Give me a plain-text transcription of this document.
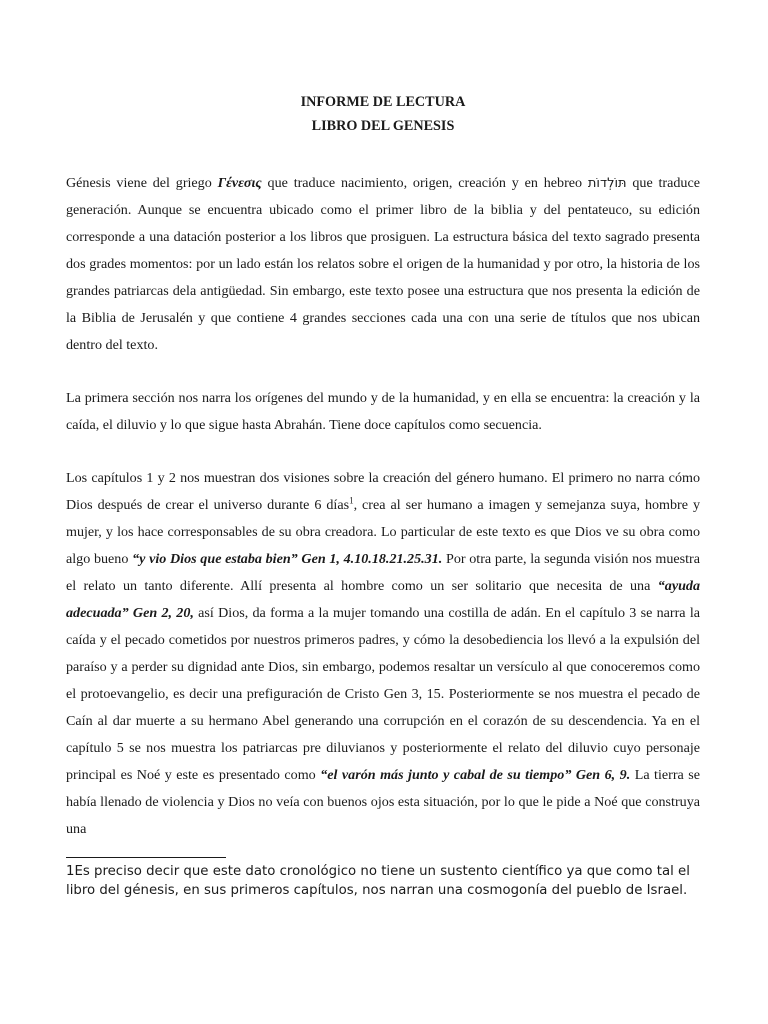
INFORME DE LECTURA

LIBRO DEL GENESIS

Génesis viene del griego Γένεσις que traduce nacimiento, origen, creación y en hebreo תּוֹלְדוֹת que traduce generación. Aunque se encuentra ubicado como el primer libro de la biblia y del pentateuco, su edición corresponde a una datación posterior a los libros que prosiguen. La estructura básica del texto sagrado presenta dos grades momentos: por un lado están los relatos sobre el origen de la humanidad y por otro, la historia de los grandes patriarcas dela antigüedad. Sin embargo, este texto posee una estructura que nos presenta la edición de la Biblia de Jerusalén y que contiene 4 grandes secciones cada una con una serie de títulos que nos ubican dentro del texto.

La primera sección nos narra los orígenes del mundo y de la humanidad, y en ella se encuentra: la creación y la caída, el diluvio y lo que sigue hasta Abrahán. Tiene doce capítulos como secuencia.

Los capítulos 1 y 2 nos muestran dos visiones sobre la creación del género humano. El primero no narra cómo Dios después de crear el universo durante 6 días$^1$, crea al ser humano a imagen y semejanza suya, hombre y mujer, y los hace corresponsables de su obra creadora. Lo particular de este texto es que Dios ve su obra como algo bueno “y vio Dios que estaba bien” Gen 1, 4.10.18.21.25.31. Por otra parte, la segunda visión nos muestra el relato un tanto diferente. Allí presenta al hombre como un ser solitario que necesita de una “ayuda adecuada” Gen 2, 20, así Dios, da forma a la mujer tomando una costilla de adán. En el capítulo 3 se narra la caída y el pecado cometidos por nuestros primeros padres, y cómo la desobediencia los llevó a la expulsión del paraíso y a perder su dignidad ante Dios, sin embargo, podemos resaltar un versículo al que conoceremos como el protoevangelio, es decir una prefiguración de Cristo Gen 3, 15. Posteriormente se nos muestra el pecado de Caín al dar muerte a su hermano Abel generando una corrupción en el corazón de su descendencia. Ya en el capítulo 5 se nos muestra los patriarcas pre diluvianos y posteriormente el relato del diluvio cuyo personaje principal es Noé y este es presentado como “el varón más junto y cabal de su tiempo” Gen 6, 9. La tierra se había llenado de violencia y Dios no veía con buenos ojos esta situación, por lo que le pide a Noé que construya una

1Es preciso decir que este dato cronológico no tiene un sustento científico ya que como tal el libro del génesis, en sus primeros capítulos, nos narran una cosmogonía del pueblo de Israel.
